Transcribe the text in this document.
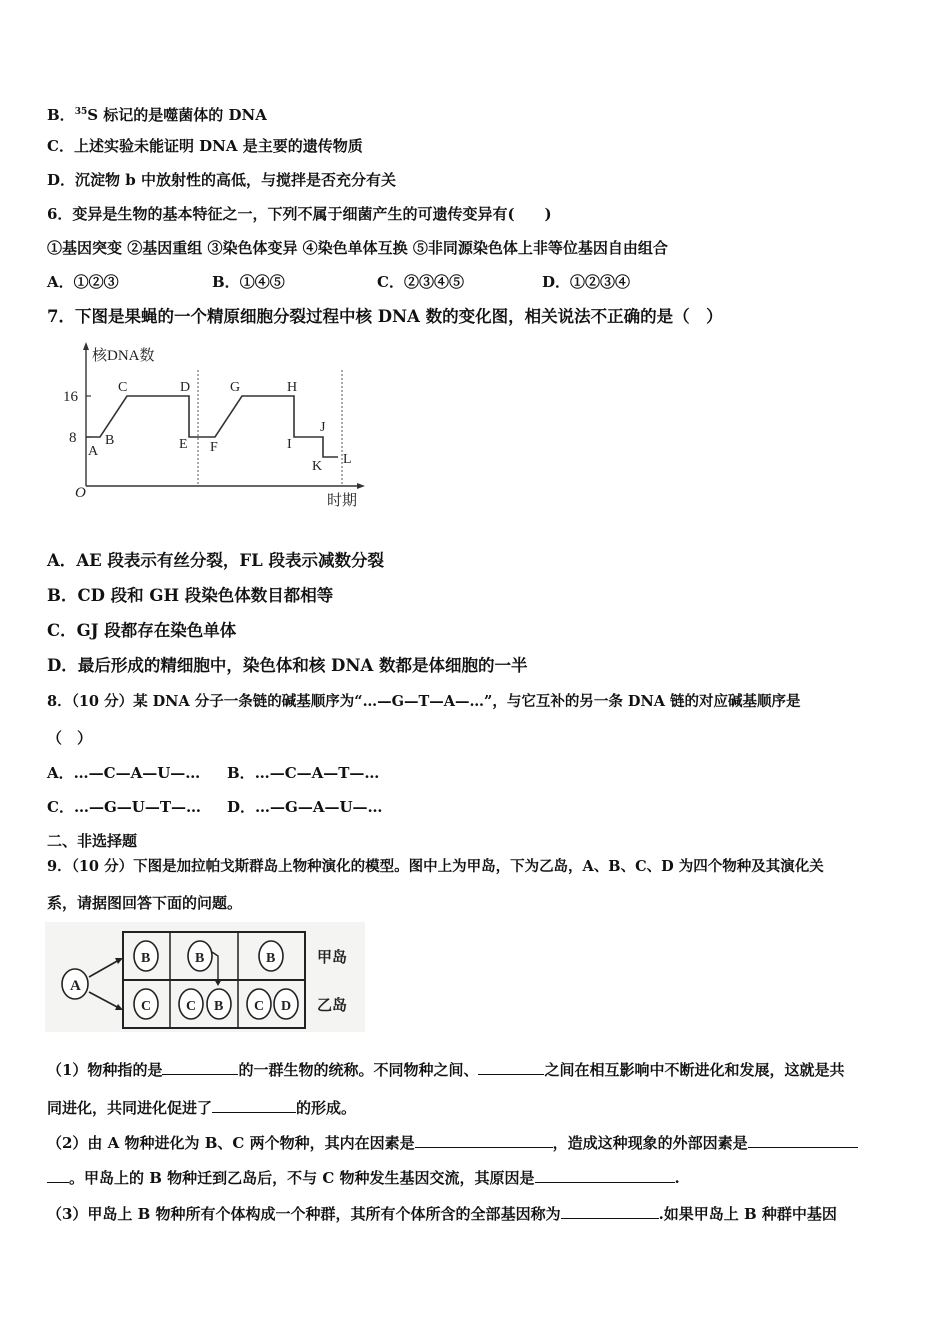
B．$^{35}$S 标记的是噬菌体的 DNA
C．上述实验未能证明 DNA 是主要的遗传物质
D．沉淀物 b 中放射性的高低，与搅拌是否充分有关
6．变异是生物的基本特征之一，下列不属于细菌产生的可遗传变异有(　　)
①基因突变 ②基因重组 ③染色体变异 ④染色单体互换 ⑤非同源染色体上非等位基因自由组合
A．①②③	B．①④⑤	C．②③④⑤	D．①②③④
7．下图是果蝇的一个精原细胞分裂过程中核 DNA 数的变化图，相关说法不正确的是（　）
16
8
O
核DNA数
时期
A
B
C	D
E F
G	H
I
J
K L
A．AE 段表示有丝分裂，FL 段表示减数分裂
B．CD 段和 GH 段染色体数目都相等
C．GJ 段都存在染色单体
D．最后形成的精细胞中，染色体和核 DNA 数都是体细胞的一半
8．（10 分）某 DNA 分子一条链的碱基顺序为“…—G—T—A—…”，与它互补的另一条 DNA 链的对应碱基顺序是
（　）
A．…—C—A—U—… B．…—C—A—T—…
C．…—G—U—T—… D．…—G—A—U—…
二、非选择题
9．（10 分）下图是加拉帕戈斯群岛上物种演化的模型。图中上为甲岛，下为乙岛，A、B、C、D 为四个物种及其演化关
系，请据图回答下面的问题。
A
B	B	B
C C B C D
甲岛
乙岛
（1）物种指的是	的一群生物的统称。不同物种之间、	之间在相互影响中不断进化和发展，这就是共
同进化，共同进化促进了	的形成。
（2）由 A 物种进化为 B、C 两个物种，其内在因素是	，造成这种现象的外部因素是
。甲岛上的 B 物种迁到乙岛后，不与 C 物种发生基因交流，其原因是	.
（3）甲岛上 B 物种所有个体构成一个种群，其所有个体所含的全部基因称为	.如果甲岛上 B 种群中基因
